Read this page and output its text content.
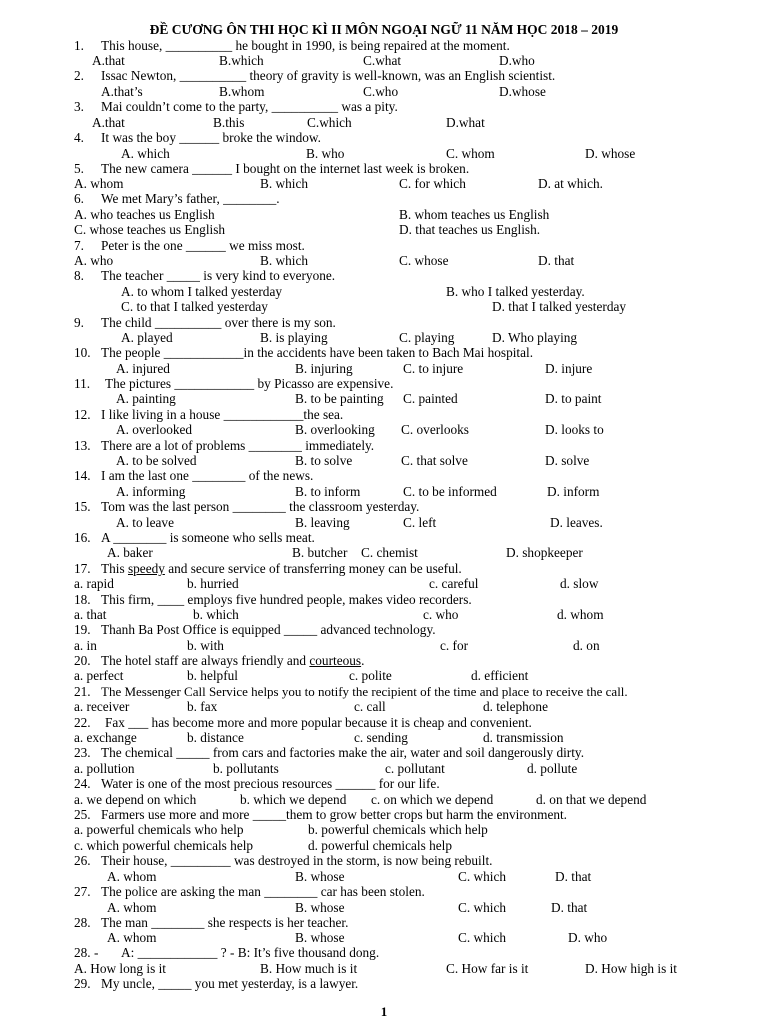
ĐỀ CƯƠNG ÔN THI HỌC KÌ II MÔN NGOẠI NGỮ 11 NĂM HỌC 2018 – 2019
1. This house, __________ he bought in 1990, is being repaired at the moment.
A.that	B.which	C.what	D.who
2. Issac Newton, __________ theory of gravity is well-known, was an English scientist.
A.that’s	B.whom	C.who	D.whose
3. Mai couldn’t come to the party, __________ was a pity.
A.that	B.this	C.which	D.what
4. It was the boy ______ broke the window.
A. which	B. who	C. whom	D. whose
5. The new camera ______ I bought on the internet last week is broken.
A. whom	B. which	C. for which	D. at which.
6. We met Mary’s father, ________.
A. who teaches us English	B. whom teaches us English
C. whose teaches us English	D. that teaches us English.
7. Peter is the one ______ we miss most.
A. who	B. which	C. whose	D. that
8. The teacher _____ is very kind to everyone.
A. to whom I talked yesterday	B. who I talked yesterday.
C. to that I talked yesterday	D. that I talked yesterday
9. The child __________ over there is my son.
A. played	B. is playing	C. playing	D. Who playing
10. The people ____________in the accidents have been taken to Bach Mai hospital.
A. injured	B. injuring	C. to injure	D. injure
11. The pictures ____________ by Picasso are expensive.
A. painting	B. to be painting C. painted	D. to paint
12. I like living in a house ____________the sea.
A. overlooked	B. overlooking C. overlooks	D. looks to
13. There are a lot of problems ________ immediately.
A. to be solved	B. to solve	C. that solve	D. solve
14. I am the last one ________ of the news.
A. informing	B. to inform	C. to be informed	D. inform
15. Tom was the last person ________ the classroom yesterday.
A. to leave	B. leaving	C. left	D. leaves.
16. A ________ is someone who sells meat.
A. baker	B. butcher C. chemist	D. shopkeeper
17. This speedy and secure service of transferring money can be useful.
a. rapid	b. hurried	c. careful	d. slow
18. This firm, ____ employs five hundred people, makes video recorders.
a. that	b. which	c. who	d. whom
19. Thanh Ba Post Office is equipped _____ advanced technology.
a. in	b. with	c. for	d. on
20. The hotel staff are always friendly and courteous.
a. perfect	b. helpful	c. polite	d. efficient
21. The Messenger Call Service helps you to notify the recipient of the time and place to receive the call.
a. receiver	b. fax	c. call	d. telephone
22. Fax ___ has become more and more popular because it is cheap and convenient.
a. exchange	b. distance	c. sending	d. transmission
23. The chemical _____ from cars and factories make the air, water and soil dangerously dirty.
a. pollution	b. pollutants	c. pollutant	d. pollute
24. Water is one of the most precious resources ______ for our life.
a. we depend on which	b. which we depend c. on which we depend	d. on that we depend
25. Farmers use more and more _____them to grow better crops but harm the environment.
a. powerful chemicals who help	b. powerful chemicals which help
c. which powerful chemicals help	d. powerful chemicals help
26. Their house, _________ was destroyed in the storm, is now being rebuilt.
A. whom	B. whose	C. which	D. that
27. The police are asking the man ________ car has been stolen.
A. whom	B. whose	C. which	D. that
28. The man ________ she respects is her teacher.
A. whom	B. whose	C. which	D. who
28. - A: ____________ ? - B: It’s five thousand dong.
A. How long is it	B. How much is it	C. How far is it	D. How high is it
29. My uncle, _____ you met yesterday, is a lawyer.
1
